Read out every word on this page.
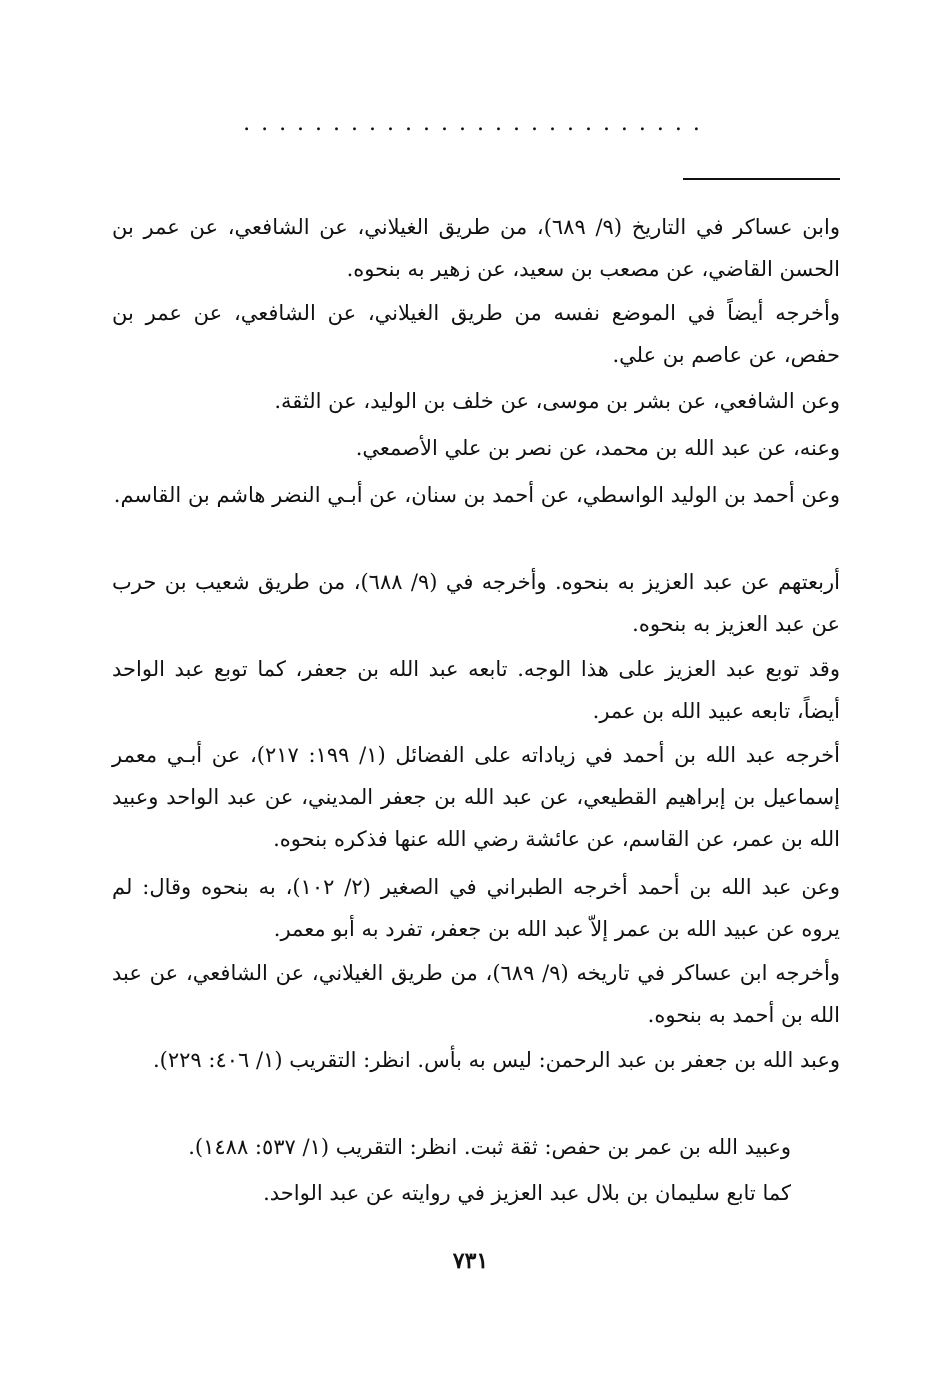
..........................

وابن عساكر في التاريخ (٩/ ٦٨٩)، من طريق الغيلاني، عن الشافعي، عن عمر بن الحسن القاضي، عن مصعب بن سعيد، عن زهير به بنحوه.

وأخرجه أيضاً في الموضع نفسه من طريق الغيلاني، عن الشافعي، عن عمر بن حفص، عن عاصم بن علي.

وعن الشافعي، عن بشر بن موسى، عن خلف بن الوليد، عن الثقة.

وعنه، عن عبد الله بن محمد، عن نصر بن علي الأصمعي.

وعن أحمد بن الوليد الواسطي، عن أحمد بن سنان، عن أبـي النضر هاشم بن القاسم.

أربعتهم عن عبد العزيز به بنحوه. وأخرجه في (٩/ ٦٨٨)، من طريق شعيب بن حرب عن عبد العزيز به بنحوه.

وقد توبع عبد العزيز على هذا الوجه. تابعه عبد الله بن جعفر، كما توبع عبد الواحد أيضاً، تابعه عبيد الله بن عمر.

أخرجه عبد الله بن أحمد في زياداته على الفضائل (١/ ١٩٩: ٢١٧)، عن أبـي معمر إسماعيل بن إبراهيم القطيعي، عن عبد الله بن جعفر المديني، عن عبد الواحد وعبيد الله بن عمر، عن القاسم، عن عائشة رضي الله عنها فذكره بنحوه.

وعن عبد الله بن أحمد أخرجه الطبراني في الصغير (٢/ ١٠٢)، به بنحوه وقال: لم يروه عن عبيد الله بن عمر إلاّ عبد الله بن جعفر، تفرد به أبو معمر.

وأخرجه ابن عساكر في تاريخه (٩/ ٦٨٩)، من طريق الغيلاني، عن الشافعي، عن عبد الله بن أحمد به بنحوه.

وعبد الله بن جعفر بن عبد الرحمن: ليس به بأس. انظر: التقريب (١/ ٤٠٦: ٢٢٩).

وعبيد الله بن عمر بن حفص: ثقة ثبت. انظر: التقريب (١/ ٥٣٧: ١٤٨٨).

كما تابع سليمان بن بلال عبد العزيز في روايته عن عبد الواحد.

٧٣١
